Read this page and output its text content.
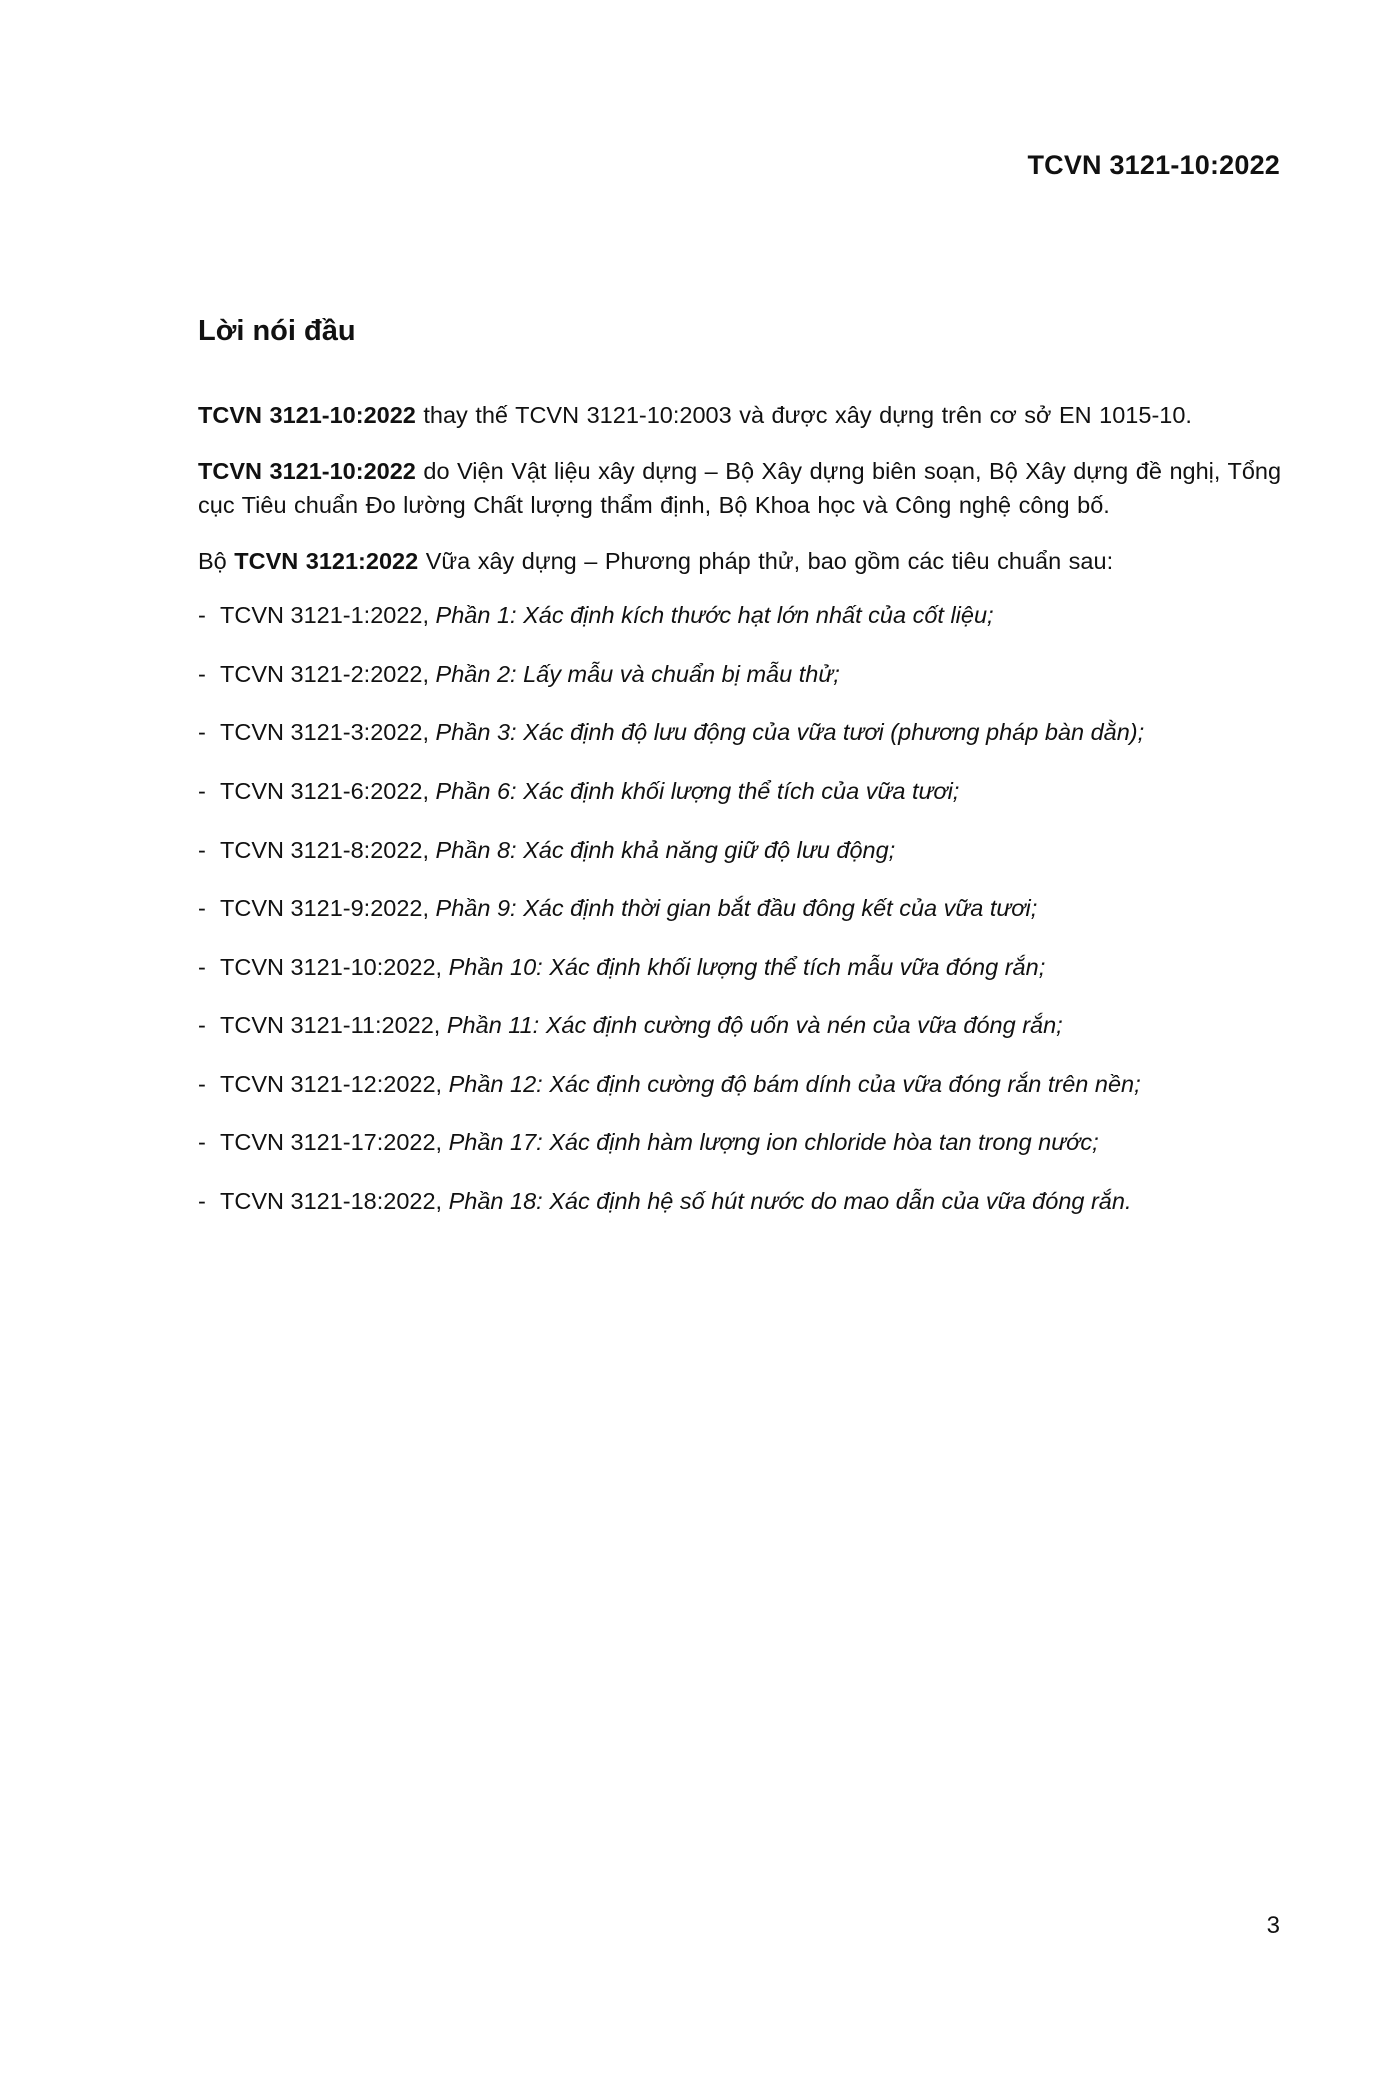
TCVN 3121-10:2022
Lời nói đầu

TCVN 3121-10:2022 thay thế TCVN 3121-10:2003 và được xây dựng trên cơ sở EN 1015-10.

TCVN 3121-10:2022 do Viện Vật liệu xây dựng – Bộ Xây dựng biên soạn, Bộ Xây dựng đề nghị, Tổng cục Tiêu chuẩn Đo lường Chất lượng thẩm định, Bộ Khoa học và Công nghệ công bố.

Bộ TCVN 3121:2022 Vữa xây dựng – Phương pháp thử, bao gồm các tiêu chuẩn sau:

- TCVN 3121-1:2022, Phần 1: Xác định kích thước hạt lớn nhất của cốt liệu;
- TCVN 3121-2:2022, Phần 2: Lấy mẫu và chuẩn bị mẫu thử;
- TCVN 3121-3:2022, Phần 3: Xác định độ lưu động của vữa tươi (phương pháp bàn dằn);
- TCVN 3121-6:2022, Phần 6: Xác định khối lượng thể tích của vữa tươi;
- TCVN 3121-8:2022, Phần 8: Xác định khả năng giữ độ lưu động;
- TCVN 3121-9:2022, Phần 9: Xác định thời gian bắt đầu đông kết của vữa tươi;
- TCVN 3121-10:2022, Phần 10: Xác định khối lượng thể tích mẫu vữa đóng rắn;
- TCVN 3121-11:2022, Phần 11: Xác định cường độ uốn và nén của vữa đóng rắn;
- TCVN 3121-12:2022, Phần 12: Xác định cường độ bám dính của vữa đóng rắn trên nền;
- TCVN 3121-17:2022, Phần 17: Xác định hàm lượng ion chloride hòa tan trong nước;
- TCVN 3121-18:2022, Phần 18: Xác định hệ số hút nước do mao dẫn của vữa đóng rắn.
3
